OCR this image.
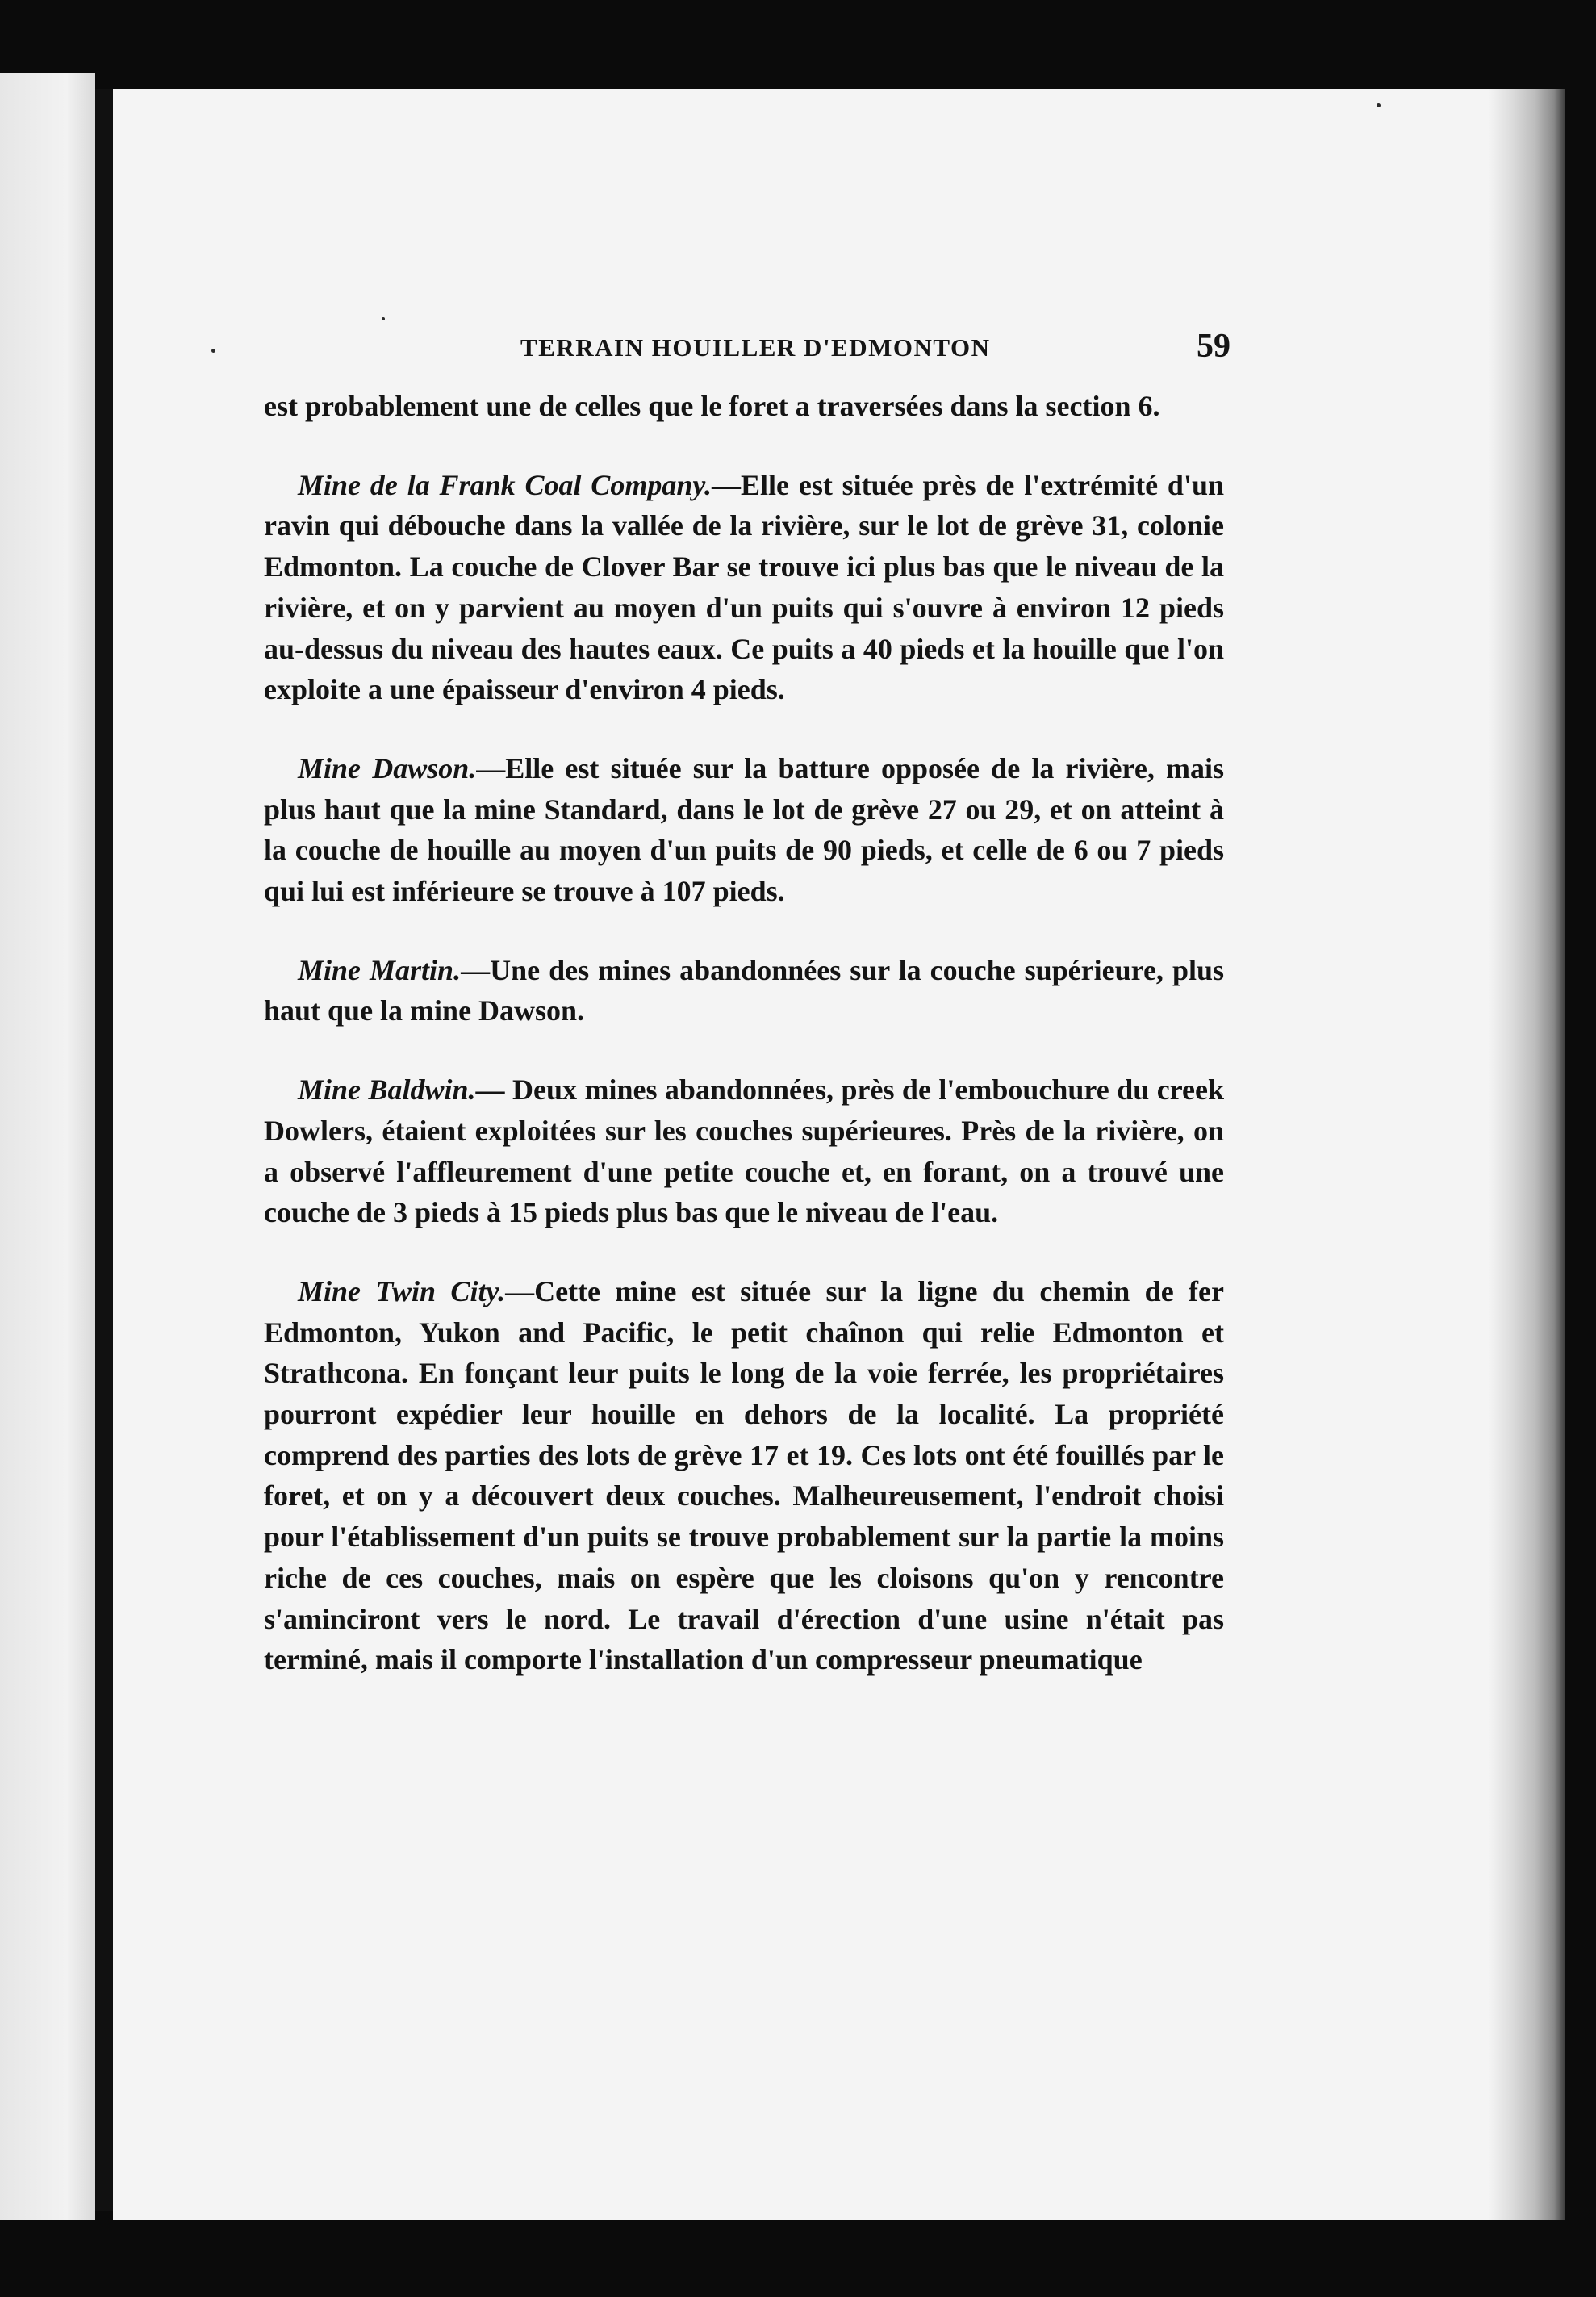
TERRAIN HOUILLER D'EDMONTON	59

est probablement une de celles que le foret a traversées dans la section 6.

Mine de la Frank Coal Company.—Elle est située près de l'extrémité d'un ravin qui débouche dans la vallée de la rivière, sur le lot de grève 31, colonie Edmonton. La couche de Clover Bar se trouve ici plus bas que le niveau de la rivière, et on y parvient au moyen d'un puits qui s'ouvre à environ 12 pieds au-dessus du niveau des hautes eaux. Ce puits a 40 pieds et la houille que l'on exploite a une épaisseur d'environ 4 pieds.

Mine Dawson.—Elle est située sur la batture opposée de la rivière, mais plus haut que la mine Standard, dans le lot de grève 27 ou 29, et on atteint à la couche de houille au moyen d'un puits de 90 pieds, et celle de 6 ou 7 pieds qui lui est inférieure se trouve à 107 pieds.

Mine Martin.—Une des mines abandonnées sur la couche supérieure, plus haut que la mine Dawson.

Mine Baldwin.— Deux mines abandonnées, près de l'embouchure du creek Dowlers, étaient exploitées sur les couches supérieures. Près de la rivière, on a observé l'affleurement d'une petite couche et, en forant, on a trouvé une couche de 3 pieds à 15 pieds plus bas que le niveau de l'eau.

Mine Twin City.—Cette mine est située sur la ligne du chemin de fer Edmonton, Yukon and Pacific, le petit chaînon qui relie Edmonton et Strathcona. En fonçant leur puits le long de la voie ferrée, les propriétaires pourront expédier leur houille en dehors de la localité. La propriété comprend des parties des lots de grève 17 et 19. Ces lots ont été fouillés par le foret, et on y a découvert deux couches. Malheureusement, l'endroit choisi pour l'établissement d'un puits se trouve probablement sur la partie la moins riche de ces couches, mais on espère que les cloisons qu'on y rencontre s'aminciront vers le nord. Le travail d'érection d'une usine n'était pas terminé, mais il comporte l'installation d'un compresseur pneumatique
